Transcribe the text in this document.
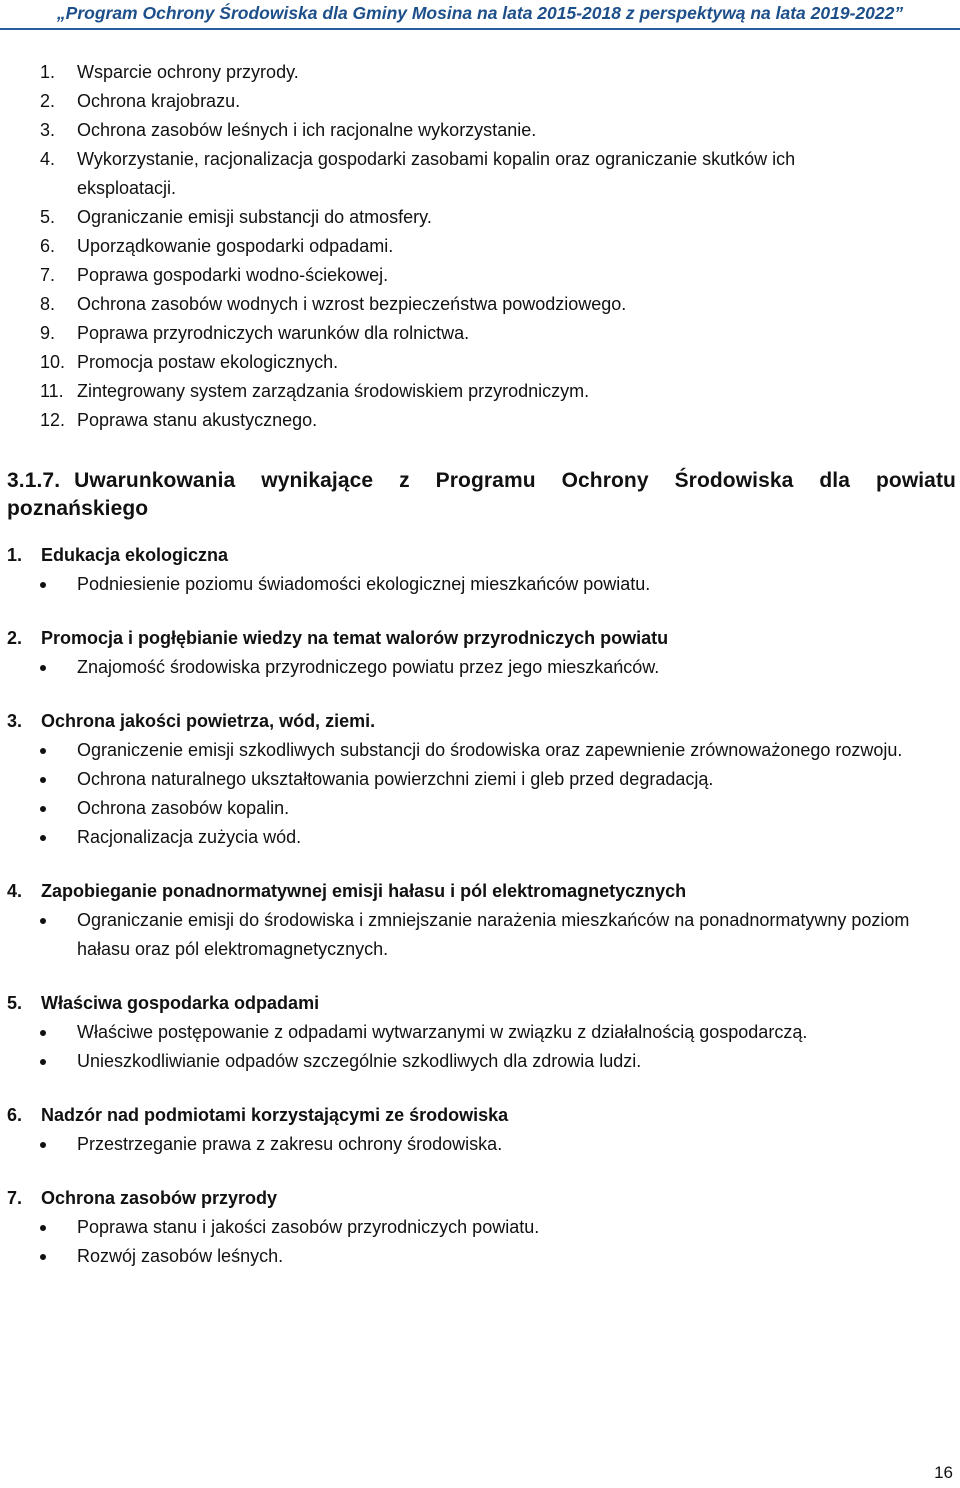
„Program Ochrony Środowiska dla Gminy Mosina na lata 2015-2018 z perspektywą na lata 2019-2022”
1. Wsparcie ochrony przyrody.
2. Ochrona krajobrazu.
3. Ochrona zasobów leśnych i ich racjonalne wykorzystanie.
4. Wykorzystanie, racjonalizacja gospodarki zasobami kopalin oraz ograniczanie skutków ich
eksploatacji.
5. Ograniczanie emisji substancji do atmosfery.
6. Uporządkowanie gospodarki odpadami.
7. Poprawa gospodarki wodno-ściekowej.
8. Ochrona zasobów wodnych i wzrost bezpieczeństwa powodziowego.
9. Poprawa przyrodniczych warunków dla rolnictwa.
10. Promocja postaw ekologicznych.
11. Zintegrowany system zarządzania środowiskiem przyrodniczym.
12. Poprawa stanu akustycznego.
3.1.7. Uwarunkowania wynikające z Programu Ochrony Środowiska dla powiatu poznańskiego
1. Edukacja ekologiczna
Podniesienie poziomu świadomości ekologicznej mieszkańców powiatu.
2. Promocja i pogłębianie wiedzy na temat walorów przyrodniczych powiatu
Znajomość środowiska przyrodniczego powiatu przez jego mieszkańców.
3. Ochrona jakości powietrza, wód, ziemi.
Ograniczenie emisji szkodliwych substancji do środowiska oraz zapewnienie zrównoważonego rozwoju.
Ochrona naturalnego ukształtowania powierzchni ziemi i gleb przed degradacją.
Ochrona zasobów kopalin.
Racjonalizacja zużycia wód.
4. Zapobieganie ponadnormatywnej emisji hałasu i pól elektromagnetycznych
Ograniczanie emisji do środowiska i zmniejszanie narażenia mieszkańców na ponadnormatywny poziom hałasu oraz pól elektromagnetycznych.
5. Właściwa gospodarka odpadami
Właściwe postępowanie z odpadami wytwarzanymi w związku z działalnością gospodarczą.
Unieszkodliwianie odpadów szczególnie szkodliwych dla zdrowia ludzi.
6. Nadzór nad podmiotami korzystającymi ze środowiska
Przestrzeganie prawa z zakresu ochrony środowiska.
7. Ochrona zasobów przyrody
Poprawa stanu i jakości zasobów przyrodniczych powiatu.
Rozwój zasobów leśnych.
16
